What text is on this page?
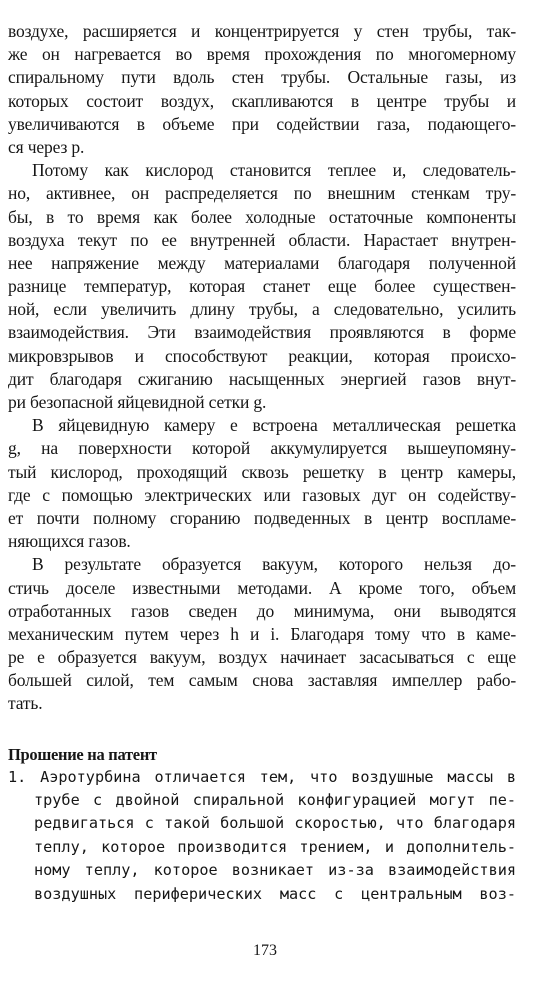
воздухе, расширяется и концентрируется у стен трубы, так-
же он нагревается во время прохождения по многомерному
спиральному пути вдоль стен трубы. Остальные газы, из
которых состоит воздух, скапливаются в центре трубы и
увеличиваются в объеме при содействии газа, подающего-
ся через p.
Потому как кислород становится теплее и, следователь-
но, активнее, он распределяется по внешним стенкам тру-
бы, в то время как более холодные остаточные компоненты
воздуха текут по ее внутренней области. Нарастает внутрен-
нее напряжение между материалами благодаря полученной
разнице температур, которая станет еще более существен-
ной, если увеличить длину трубы, а следовательно, усилить
взаимодействия. Эти взаимодействия проявляются в форме
микровзрывов и способствуют реакции, которая происхо-
дит благодаря сжиганию насыщенных энергией газов внут-
ри безопасной яйцевидной сетки g.
В яйцевидную камеру e встроена металлическая решетка
g, на поверхности которой аккумулируется вышеупомяну-
тый кислород, проходящий сквозь решетку в центр камеры,
где с помощью электрических или газовых дуг он содейству-
ет почти полному сгоранию подведенных в центр воспламе-
няющихся газов.
В результате образуется вакуум, которого нельзя до-
стичь доселе известными методами. А кроме того, объем
отработанных газов сведен до минимума, они выводятся
механическим путем через h и i. Благодаря тому что в каме-
ре e образуется вакуум, воздух начинает засасываться с еще
большей силой, тем самым снова заставляя импеллер рабо-
тать.
Прошение на патент
1. Аэротурбина отличается тем, что воздушные массы в
трубе с двойной спиральной конфигурацией могут пе-
редвигаться с такой большой скоростью, что благодаря
теплу, которое производится трением, и дополнитель-
ному теплу, которое возникает из-за взаимодействия
воздушных периферических масс с центральным воз-
173
